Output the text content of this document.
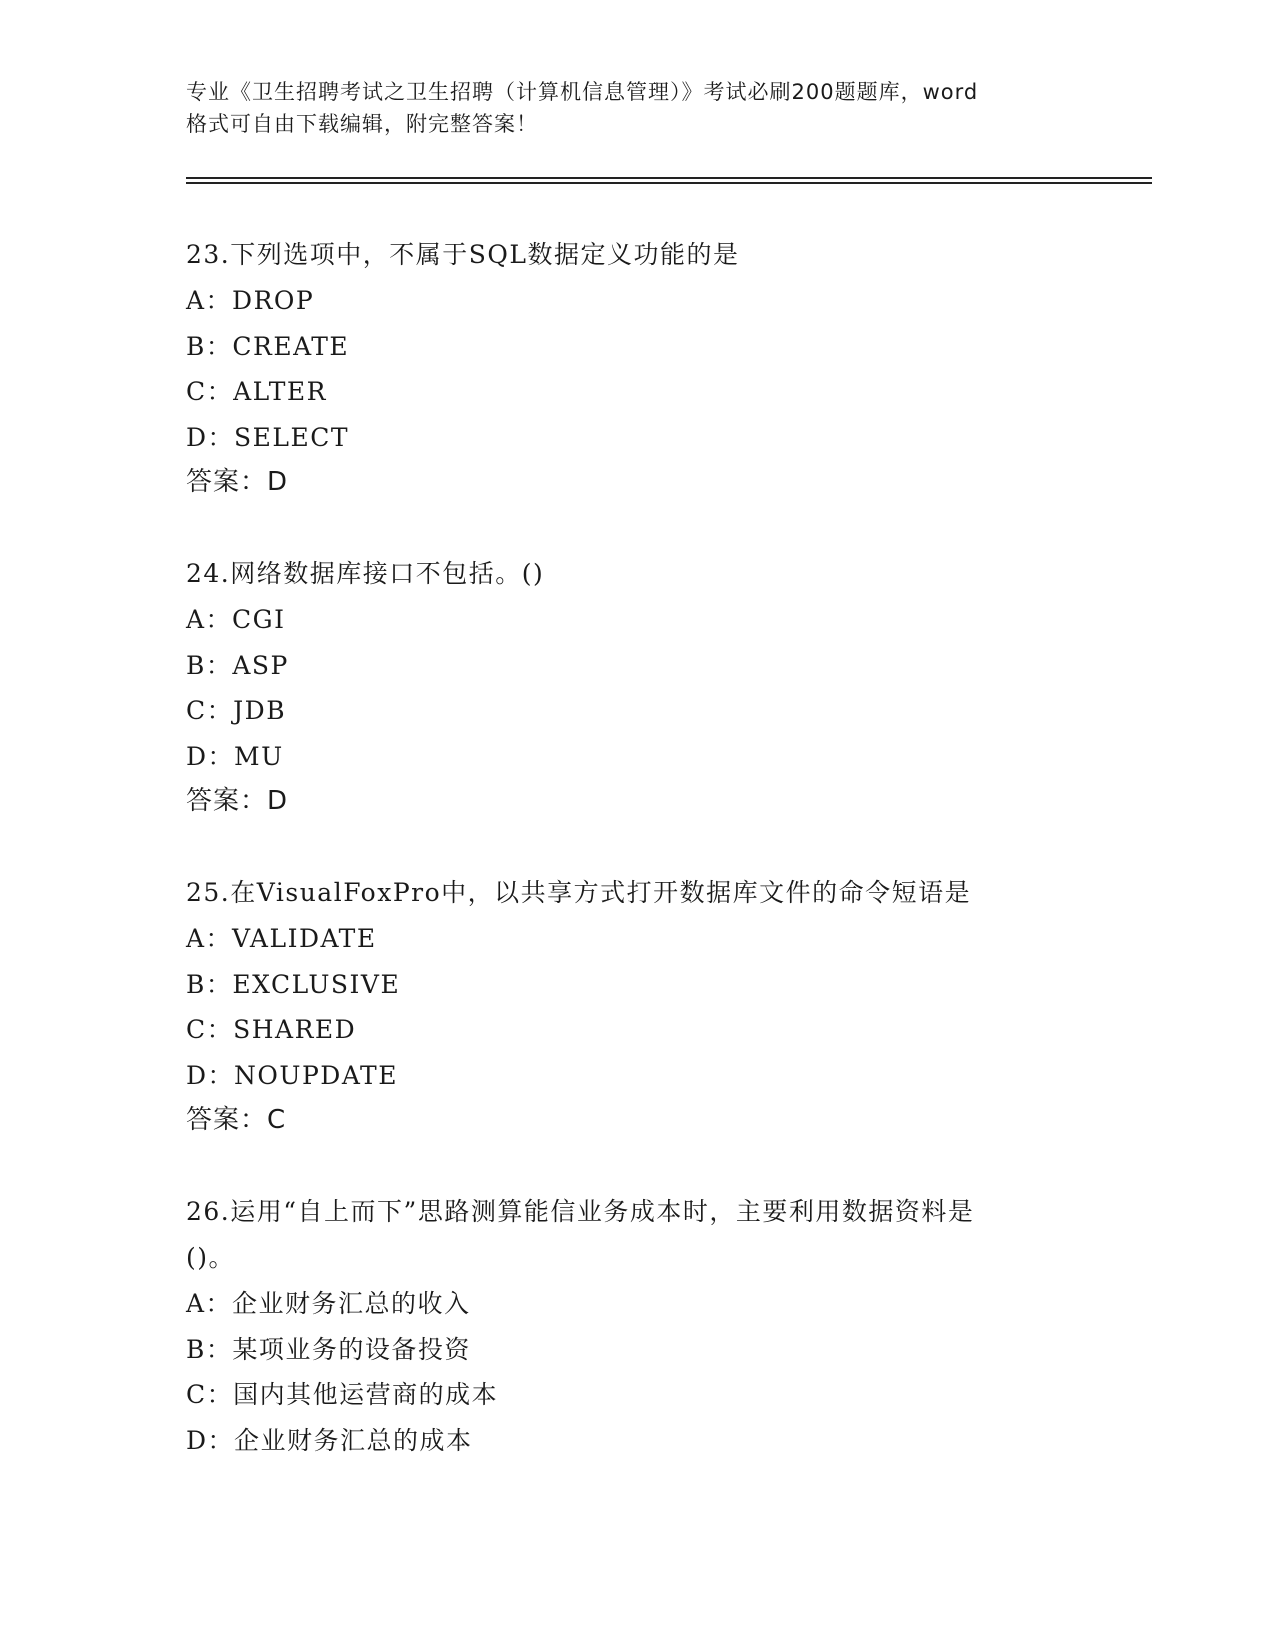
专业《卫生招聘考试之卫生招聘（计算机信息管理）》考试必刷200题题库，word
格式可自由下载编辑，附完整答案！

23.下列选项中，不属于SQL数据定义功能的是

A：DROP

B：CREATE

C：ALTER

D：SELECT

答案：D

24.网络数据库接口不包括。()

A：CGI

B：ASP

C：JDB

D：MU

答案：D

25.在VisualFoxPro中，以共享方式打开数据库文件的命令短语是

A：VALIDATE

B：EXCLUSIVE

C：SHARED

D：NOUPDATE

答案：C

26.运用“自上而下”思路测算能信业务成本时，主要利用数据资料是

()。

A：企业财务汇总的收入

B：某项业务的设备投资

C：国内其他运营商的成本

D：企业财务汇总的成本
